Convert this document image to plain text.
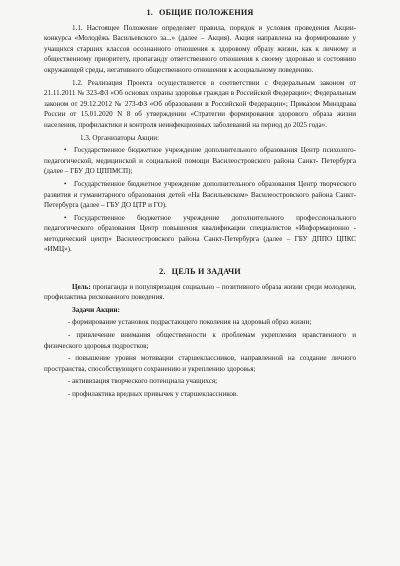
1. ОБЩИЕ ПОЛОЖЕНИЯ

1.1. Настоящее Положение определяет правила, порядок и условия проведения Акции-конкурса «Молодёжь Васильевского за...» (далее – Акция). Акция направлена на формирование у учащихся старших классов осознанного отношения к здоровому образу жизни, как к личному и общественному приоритету, пропаганду ответственного отношения к своему здоровью и состоянию окружающей среды, негативного общественного отношения к асоциальному поведению.

1.2. Реализация Проекта осуществляется в соответствии с Федеральным законом от 21.11.2011 № 323-ФЗ «Об основах охраны здоровья граждан в Российской Федерации»; Федеральным законом от 29.12.2012 № 273-ФЗ «Об образовании в Российской Федерации»; Приказом Минздрава России от 15.01.2020 N 8 об утверждении «Стратегии формирования здорового образа жизни населения, профилактики и контроля неинфекционных заболеваний на период до 2025 года».

1.3. Организаторы Акции:

• Государственное бюджетное учреждение дополнительного образования Центр психолого-педагогической, медицинской и социальной помощи Василеостровского района Санкт- Петербурга (далее – ГБУ ДО ЦППМСП);
• Государственное бюджетное учреждение дополнительного образования Центр творческого развития и гуманитарного образования детей «На Васильевском» Василеостровского района Санкт-Петербурга (далее – ГБУ ДО ЦТР и ГО).
• Государственное бюджетное учреждение дополнительного профессионального педагогического образования Центр повышения квалификации специалистов «Информационно - методический центр» Василеостровского района Санкт-Петербурга (далее – ГБУ ДППО ЦПКС «ИМЦ»).
2. ЦЕЛЬ И ЗАДАЧИ

Цель: пропаганда и популяризация социально – позитивного образа жизни среди молодежи, профилактика рискованного поведения.

Задачи Акции:

- формирование установок подрастающего поколения на здоровый образ жизни;

- привлечение внимания общественности к проблемам укрепления нравственного и физического здоровья подростков;

- повышение уровня мотивации старшеклассников, направленной на создание личного пространства, способствующего сохранению и укреплению здоровья;

- активизация творческого потенциала учащихся;

- профилактика вредных привычек у старшеклассников.
